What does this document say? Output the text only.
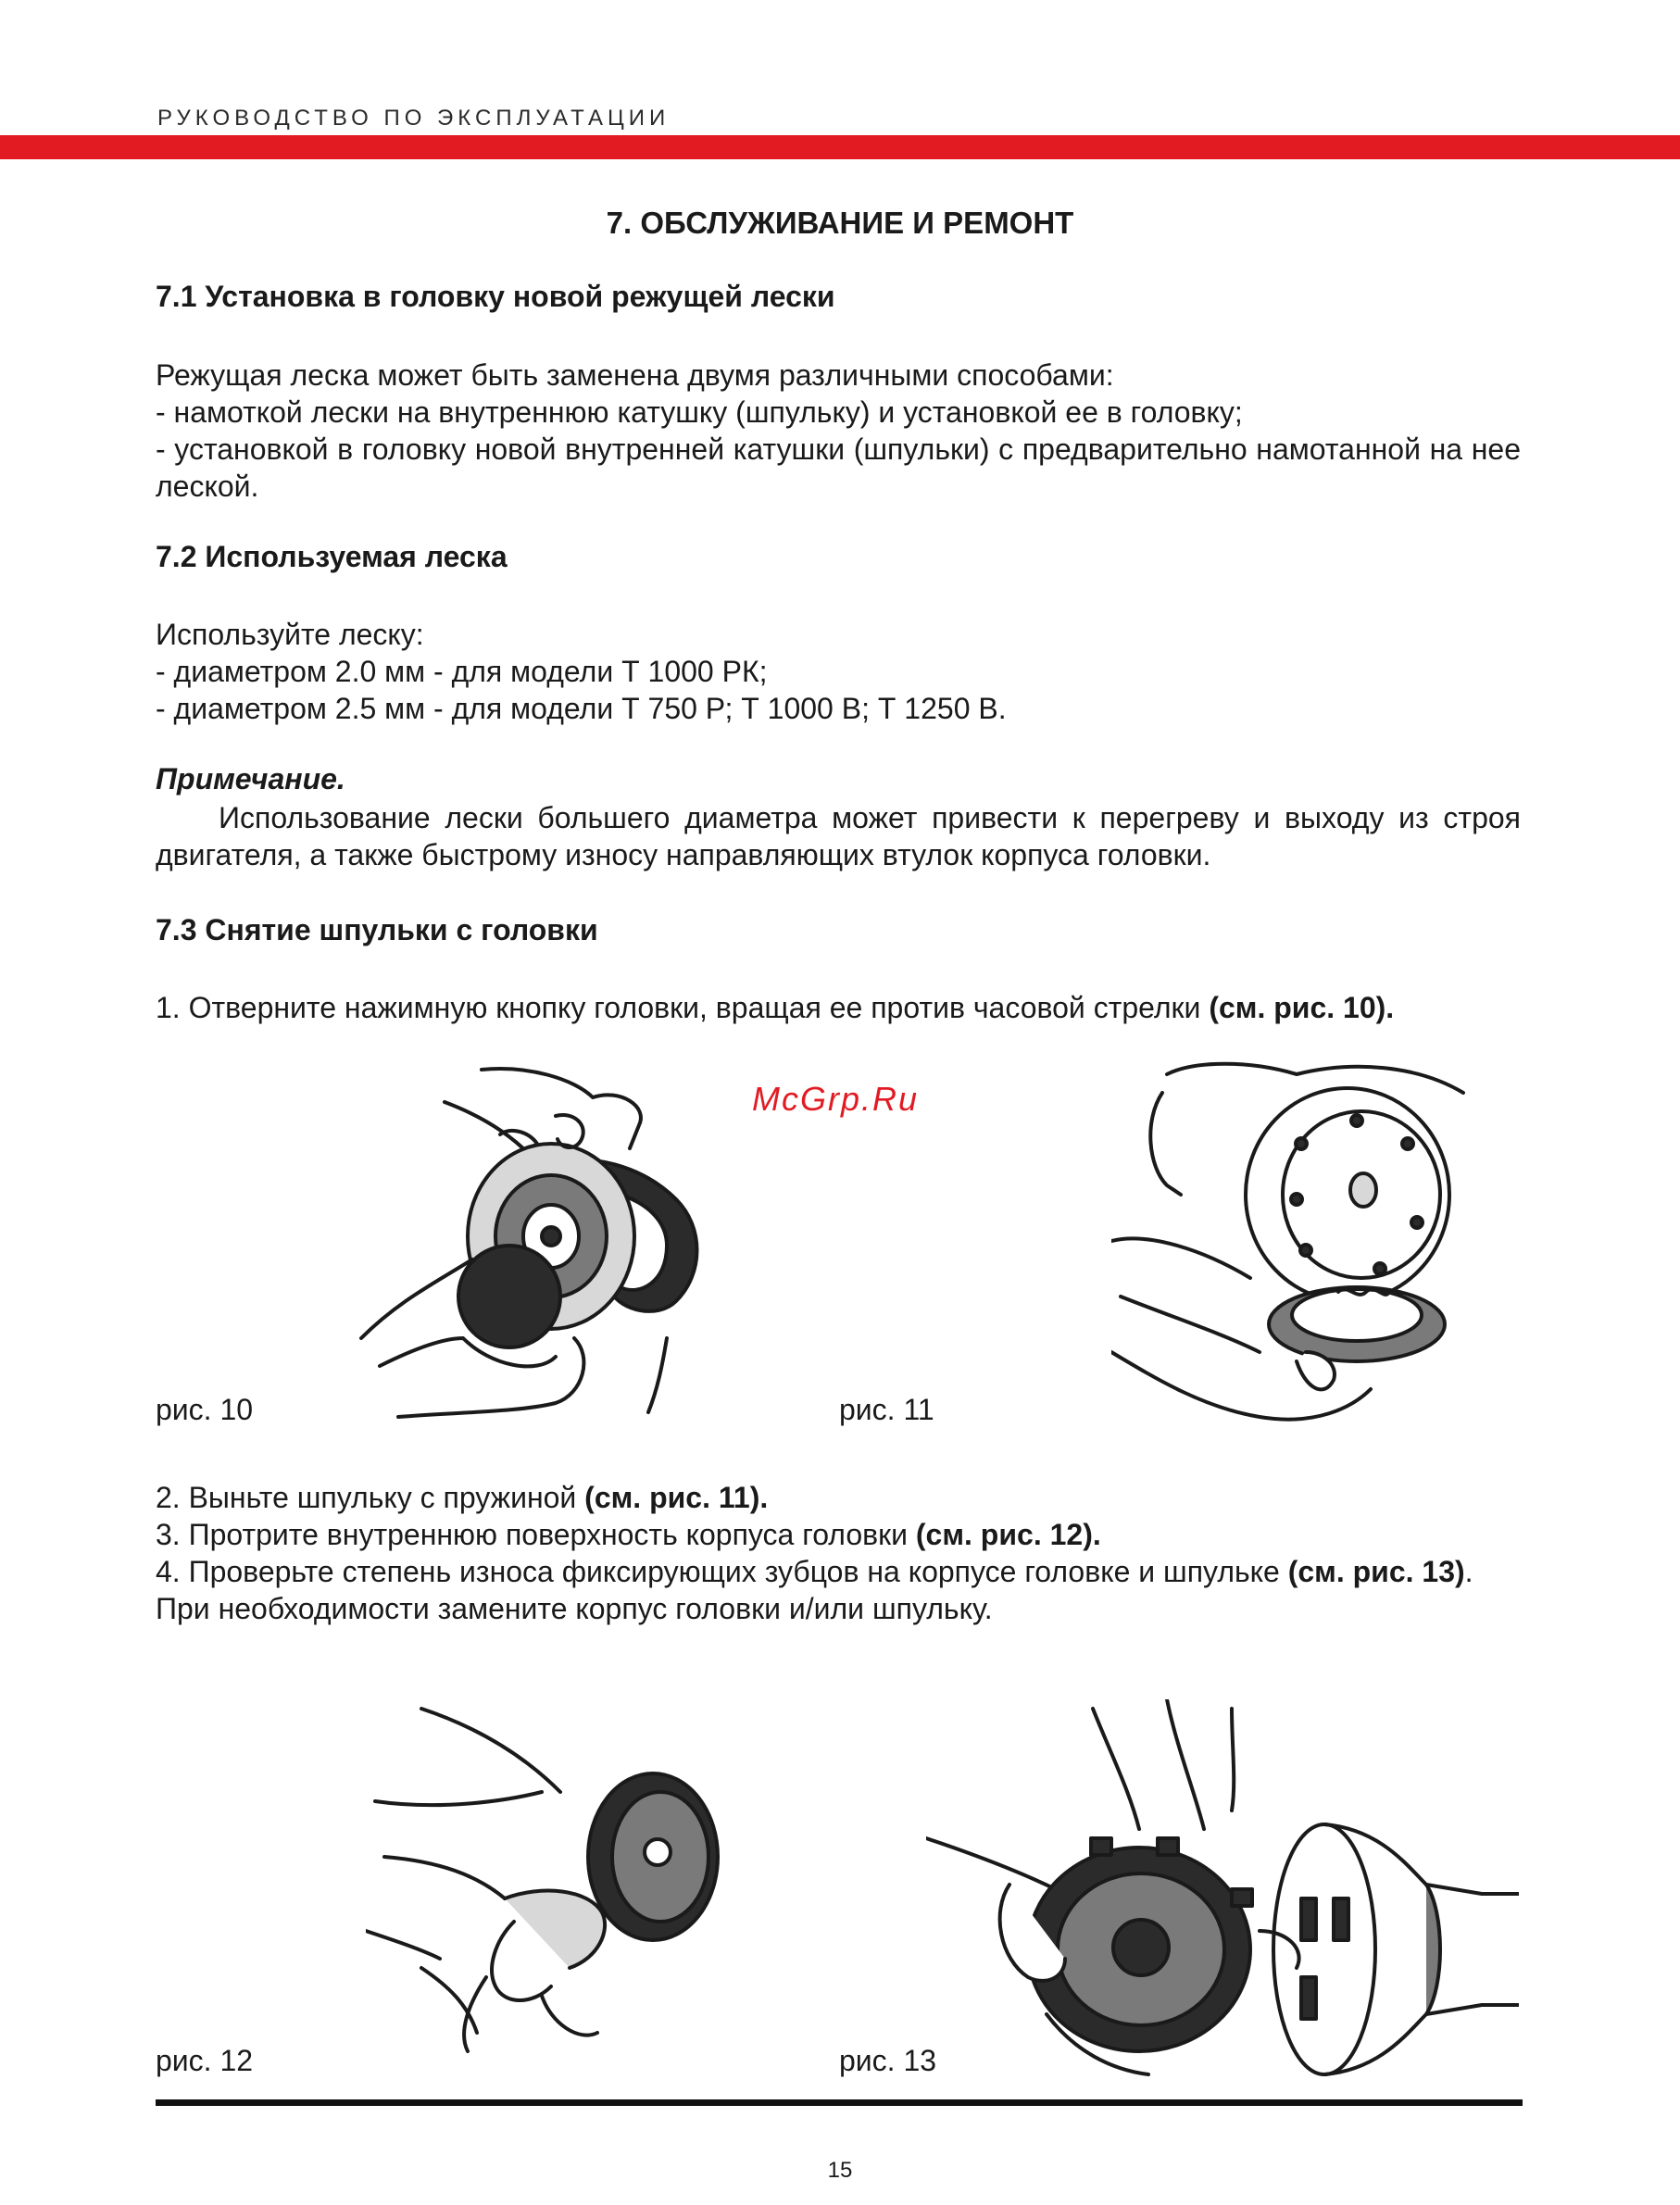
РУКОВОДСТВО ПО ЭКСПЛУАТАЦИИ
7. ОБСЛУЖИВАНИЕ И РЕМОНТ
7.1 Установка в головку новой режущей лески
Режущая леска может быть заменена двумя различными способами:
- намоткой лески на внутреннюю катушку (шпульку) и установкой ее в головку;
- установкой в головку новой внутренней катушки (шпульки) с предварительно намотанной на нее леской.
7.2 Используемая леска
Используйте леску:
- диаметром 2.0 мм - для модели Т 1000 РК;
- диаметром 2.5 мм - для модели Т 750 Р; Т 1000 В; Т 1250 В.
Примечание.
Использование лески большего диаметра может привести к перегреву и выходу из строя двигателя, а также быстрому износу направляющих втулок корпуса головки.
7.3 Снятие шпульки с головки
1. Отверните нажимную кнопку головки, вращая ее против часовой стрелки (см. рис. 10).
McGrp.Ru
рис. 10	рис. 11
2. Выньте шпульку с пружиной (см. рис. 11).
3. Протрите внутреннюю поверхность корпуса головки (см. рис. 12).
4. Проверьте степень износа фиксирующих зубцов на корпусе головке и шпульке (см. рис. 13).
При необходимости замените корпус головки и/или шпульку.
рис. 12	рис. 13
15
